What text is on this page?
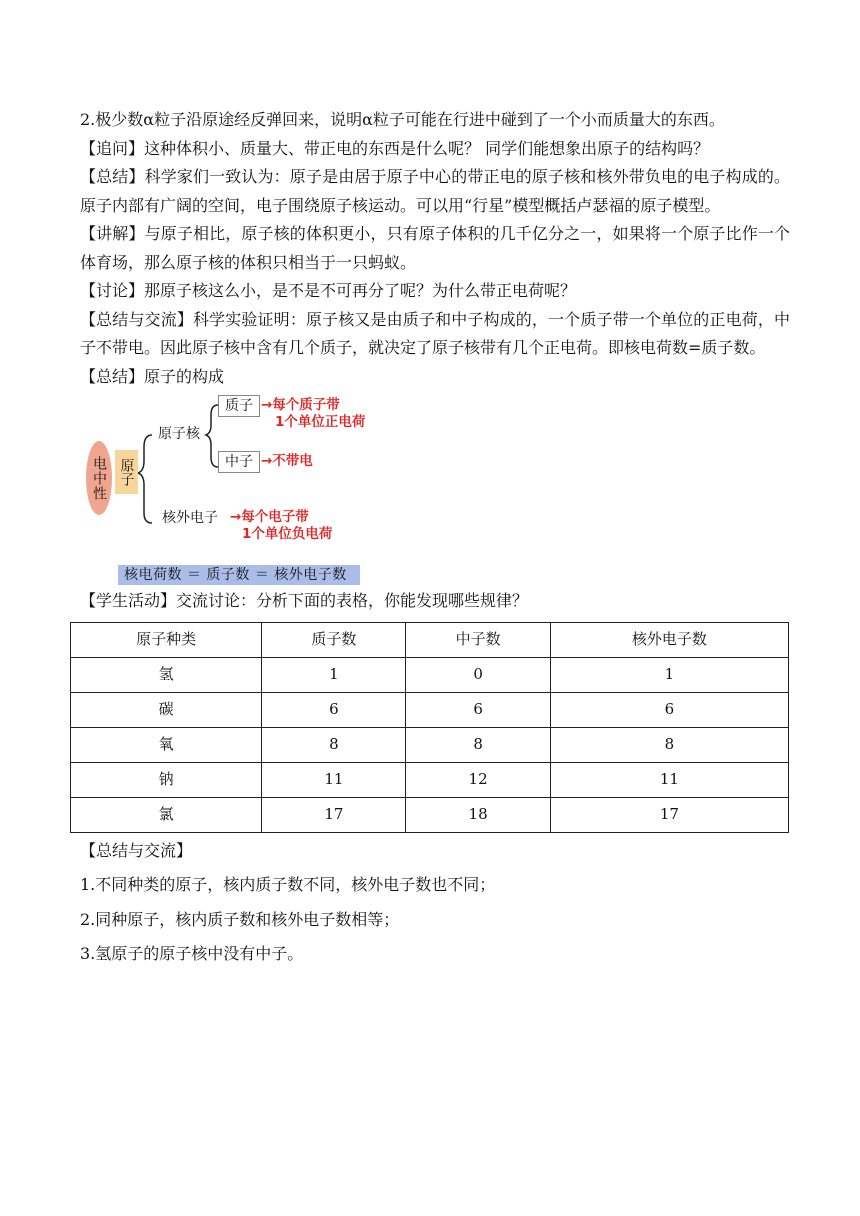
2.极少数α粒子沿原途经反弹回来，说明α粒子可能在行进中碰到了一个小而质量大的东西。

【追问】这种体积小、质量大、带正电的东西是什么呢？ 同学们能想象出原子的结构吗？

【总结】科学家们一致认为：原子是由居于原子中心的带正电的原子核和核外带负电的电子构成的。原子内部有广阔的空间，电子围绕原子核运动。可以用“行星”模型概括卢瑟福的原子模型。

【讲解】与原子相比，原子核的体积更小，只有原子体积的几千亿分之一，如果将一个原子比作一个体育场，那么原子核的体积只相当于一只蚂蚁。

【讨论】那原子核这么小，是不是不可再分了呢？为什么带正电荷呢？

【总结与交流】科学实验证明：原子核又是由质子和中子构成的，一个质子带一个单位的正电荷，中子不带电。因此原子核中含有几个质子，就决定了原子核带有几个正电荷。即核电荷数=质子数。

【总结】原子的构成

电中性 原子
原子核
质子 →每个质子带
1个单位正电荷
中子 →不带电
核外电子 →每个电子带
1个单位负电荷
核电荷数 ＝ 质子数 ＝ 核外电子数

【学生活动】交流讨论：分析下面的表格，你能发现哪些规律？

原子种类	质子数	中子数	核外电子数
氢	1	0	1
碳	6	6	6
氧	8	8	8
钠	11	12	11
氯	17	18	17

【总结与交流】

1.不同种类的原子，核内质子数不同，核外电子数也不同；

2.同种原子，核内质子数和核外电子数相等；

3.氢原子的原子核中没有中子。
